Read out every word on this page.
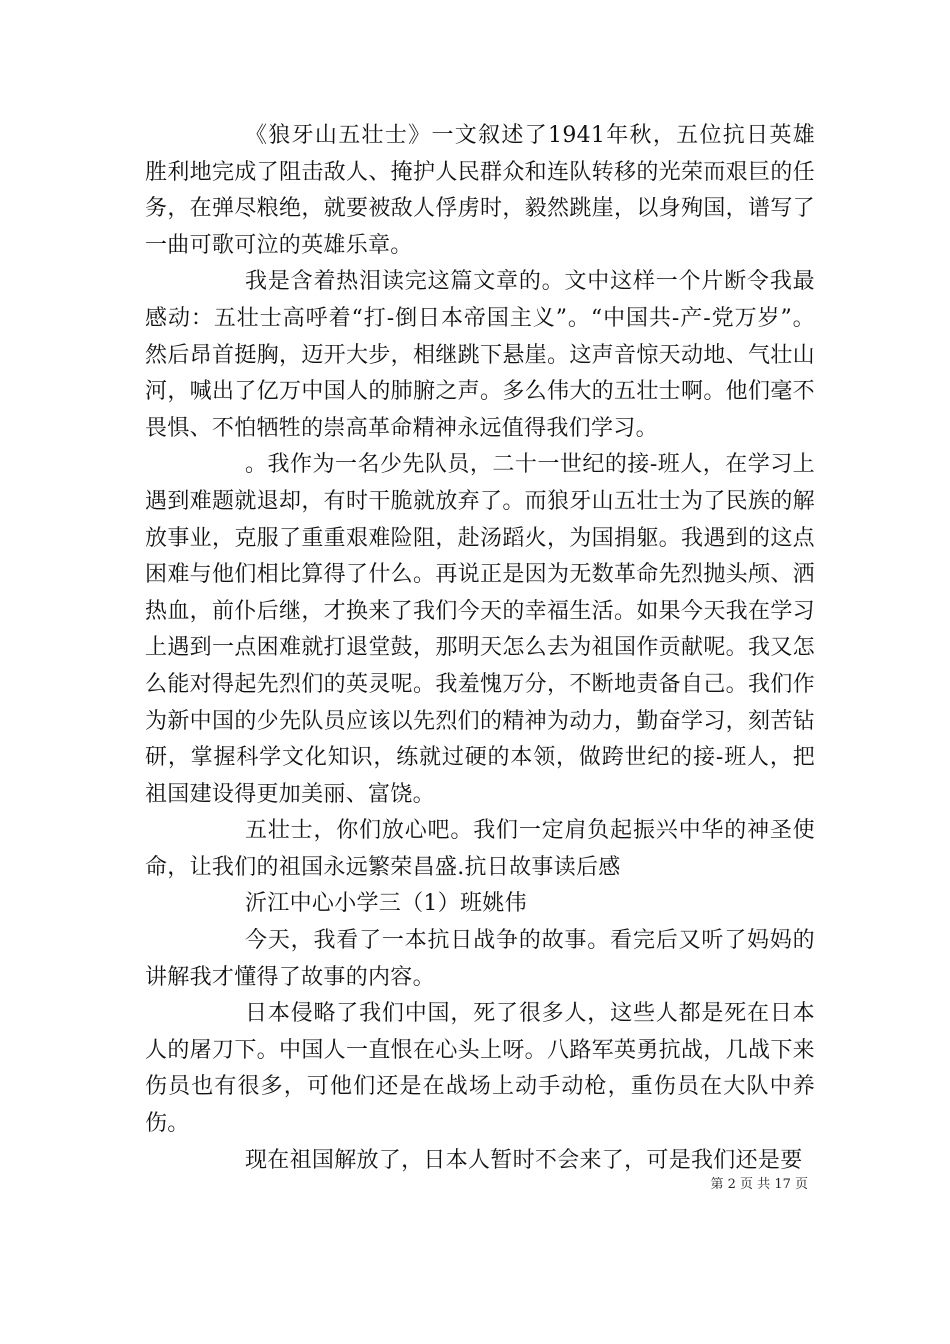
《狼牙山五壮士》一文叙述了1941年秋，五位抗日英雄胜利地完成了阻击敌人、掩护人民群众和连队转移的光荣而艰巨的任务，在弹尽粮绝，就要被敌人俘虏时，毅然跳崖，以身殉国，谱写了一曲可歌可泣的英雄乐章。

我是含着热泪读完这篇文章的。文中这样一个片断令我最感动：五壮士高呼着“打-倒日本帝国主义”。“中国共-产-党万岁”。然后昂首挺胸，迈开大步，相继跳下悬崖。这声音惊天动地、气壮山河，喊出了亿万中国人的肺腑之声。多么伟大的五壮士啊。他们毫不畏惧、不怕牺牲的崇高革命精神永远值得我们学习。

。我作为一名少先队员，二十一世纪的接-班人，在学习上遇到难题就退却，有时干脆就放弃了。而狼牙山五壮士为了民族的解放事业，克服了重重艰难险阻，赴汤蹈火，为国捐躯。我遇到的这点困难与他们相比算得了什么。再说正是因为无数革命先烈抛头颅、洒热血，前仆后继，才换来了我们今天的幸福生活。如果今天我在学习上遇到一点困难就打退堂鼓，那明天怎么去为祖国作贡献呢。我又怎么能对得起先烈们的英灵呢。我羞愧万分，不断地责备自己。我们作为新中国的少先队员应该以先烈们的精神为动力，勤奋学习，刻苦钻研，掌握科学文化知识，练就过硬的本领，做跨世纪的接-班人，把祖国建设得更加美丽、富饶。

五壮士，你们放心吧。我们一定肩负起振兴中华的神圣使命，让我们的祖国永远繁荣昌盛.抗日故事读后感

沂江中心小学三（1）班姚伟

今天，我看了一本抗日战争的故事。看完后又听了妈妈的讲解我才懂得了故事的内容。

日本侵略了我们中国，死了很多人，这些人都是死在日本人的屠刀下。中国人一直恨在心头上呀。八路军英勇抗战，几战下来伤员也有很多，可他们还是在战场上动手动枪，重伤员在大队中养伤。

现在祖国解放了，日本人暂时不会来了，可是我们还是要

第 2 页 共 17 页
